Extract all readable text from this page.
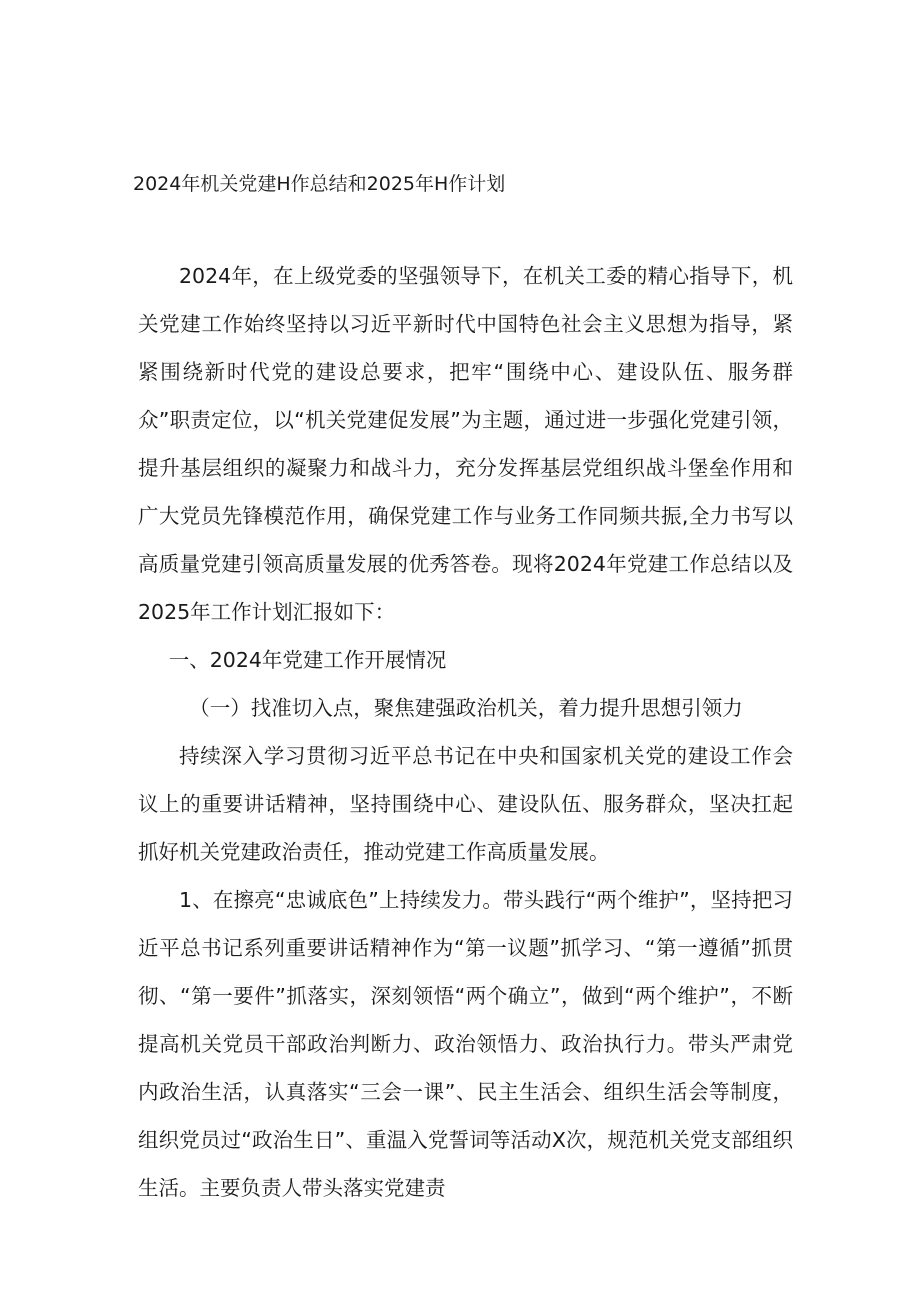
2024年机关党建H作总结和2025年H作计划

2024年，在上级党委的坚强领导下，在机关工委的精心指导下，机关党建工作始终坚持以习近平新时代中国特色社会主义思想为指导，紧紧围绕新时代党的建设总要求，把牢“围绕中心、建设队伍、服务群众”职责定位，以“机关党建促发展”为主题，通过进一步强化党建引领，提升基层组织的凝聚力和战斗力，充分发挥基层党组织战斗堡垒作用和广大党员先锋模范作用，确保党建工作与业务工作同频共振,全力书写以高质量党建引领高质量发展的优秀答卷。现将2024年党建工作总结以及2025年工作计划汇报如下：

一、2024年党建工作开展情况

（一）找准切入点，聚焦建强政治机关，着力提升思想引领力

持续深入学习贯彻习近平总书记在中央和国家机关党的建设工作会议上的重要讲话精神，坚持围绕中心、建设队伍、服务群众，坚决扛起抓好机关党建政治责任，推动党建工作高质量发展。

1、在擦亮“忠诚底色”上持续发力。带头践行“两个维护”，坚持把习近平总书记系列重要讲话精神作为“第一议题”抓学习、“第一遵循”抓贯彻、“第一要件”抓落实，深刻领悟“两个确立”，做到“两个维护”，不断提高机关党员干部政治判断力、政治领悟力、政治执行力。带头严肃党内政治生活，认真落实“三会一课”、民主生活会、组织生活会等制度，组织党员过“政治生日”、重温入党誓词等活动X次，规范机关党支部组织生活。主要负责人带头落实党建责
